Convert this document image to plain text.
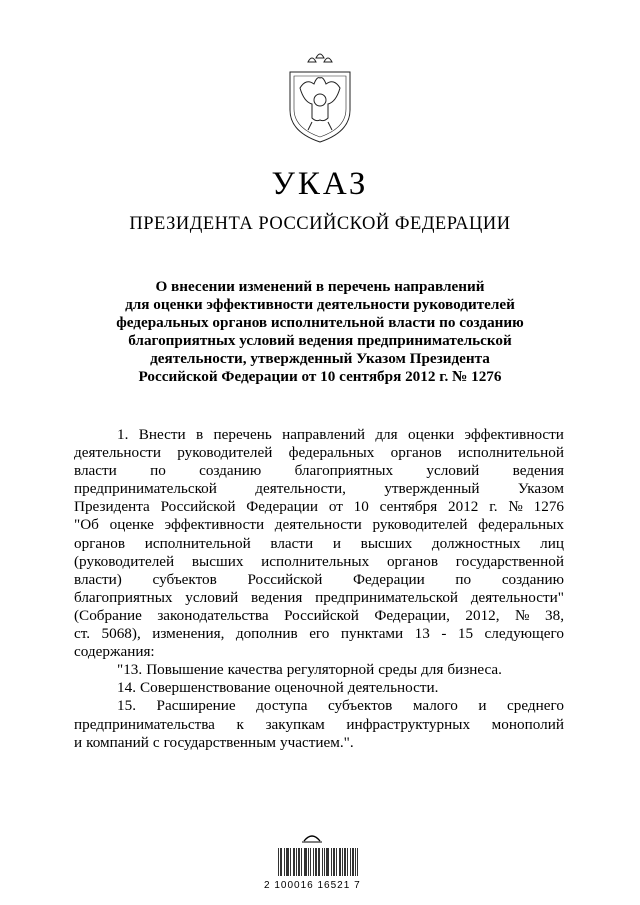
УКАЗ
ПРЕЗИДЕНТА РОССИЙСКОЙ ФЕДЕРАЦИИ
О внесении изменений в перечень направлений
для оценки эффективности деятельности руководителей
федеральных органов исполнительной власти по созданию
благоприятных условий ведения предпринимательской
деятельности, утвержденный Указом Президента
Российской Федерации от 10 сентября 2012 г. № 1276
1. Внести в перечень направлений для оценки эффективности
деятельности руководителей федеральных органов исполнительной
власти по созданию благоприятных условий ведения
предпринимательской	деятельности,	утвержденный	Указом
Президента Российской Федерации от 10 сентября 2012 г. № 1276
"Об оценке эффективности деятельности руководителей федеральных
органов исполнительной власти и высших должностных лиц
(руководителей высших исполнительных органов государственной
власти) субъектов Российской Федерации по созданию
благоприятных условий ведения предпринимательской деятельности"
(Собрание законодательства Российской Федерации, 2012, № 38,
ст. 5068), изменения, дополнив его пунктами 13 - 15 следующего
содержания:
"13. Повышение качества регуляторной среды для бизнеса.
14. Совершенствование оценочной деятельности.
15. Расширение доступа субъектов малого и среднего
предпринимательства к закупкам инфраструктурных монополий
и компаний с государственным участием.".
2 100016 16521 7
